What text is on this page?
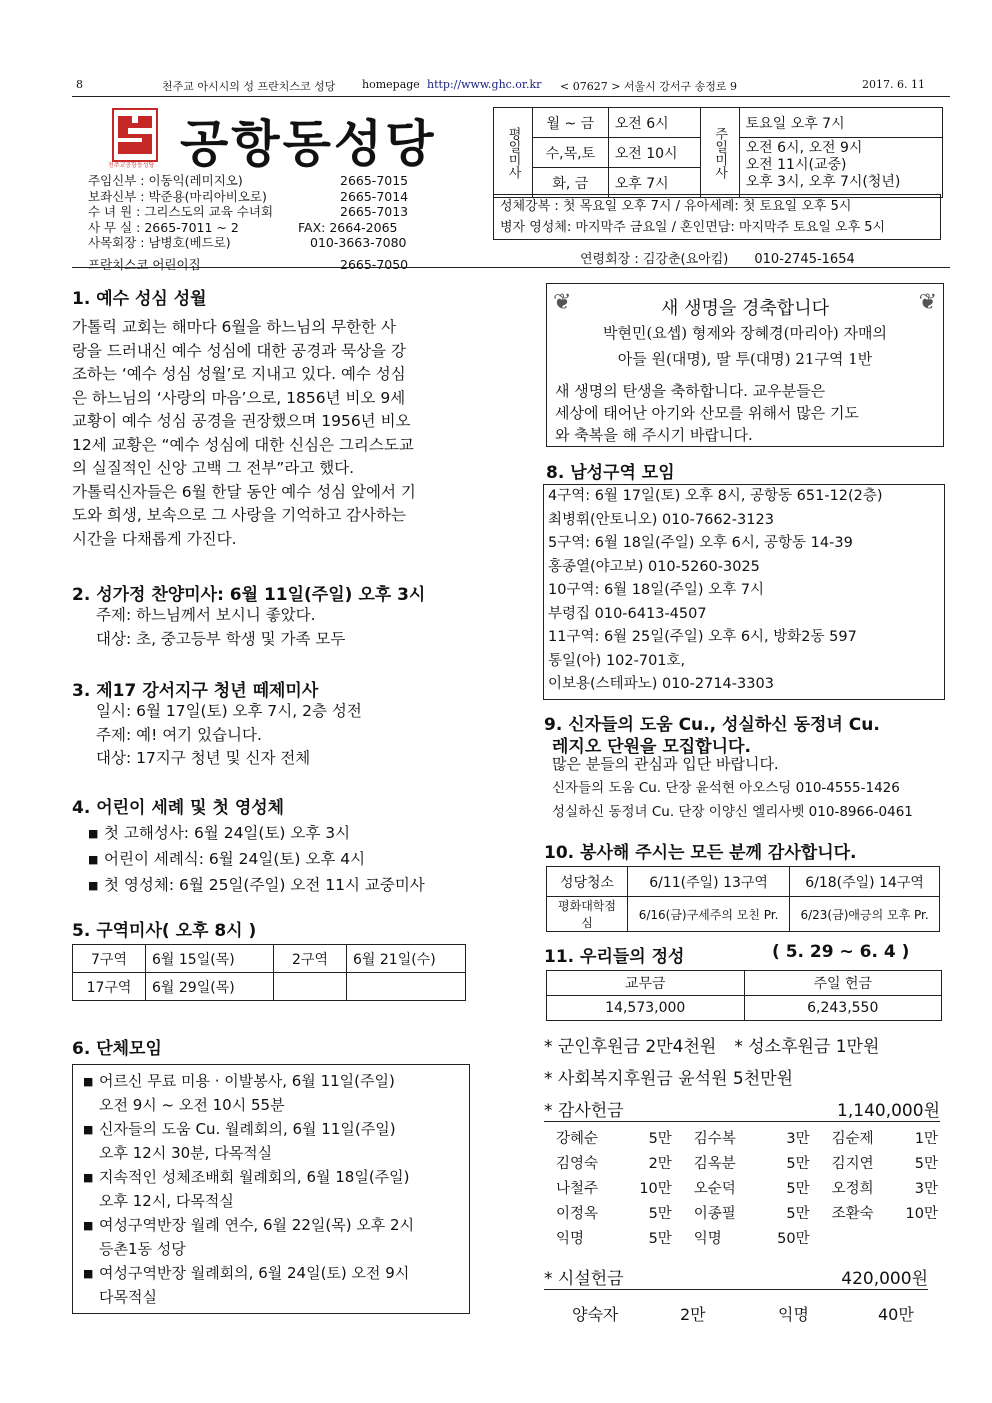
8	천주교 아시시의 성 프란치스코 성당 homepage http://www.ghc.or.kr < 07627 > 서울시 강서구 송정로 9	2017. 6. 11
천주교공항동성당 공항동성당
주임신부 : 이동익(레미지오)	2665-7015
보좌신부 : 박준용(마리아비오로)	2665-7014
수 녀 원 : 그리스도의 교육 수녀회	2665-7013
사 무 실 : 2665-7011 ~ 2	FAX: 2664-2065
사목회장 : 남병호(베드로)	010-3663-7080
프란치스코 어린이집	2665-7050
평일미사	월 ~ 금	오전 6시	주일미사	토요일 오후 7시
	수,목,토	오전 10시		오전 6시, 오전 9시
오전 11시(교중)
오후 3시, 오후 7시(청년)

	화, 금	오후 7시		
성체강복 : 첫 목요일 오후 7시 / 유아세례: 첫 토요일 오후 5시
병자 영성체: 마지막주 금요일 / 혼인면담: 마지막주 토요일 오후 5시
연령회장 : 김강춘(요아킴) 010-2745-1654
1. 예수 성심 성월
가톨릭 교회는 해마다 6월을 하느님의 무한한 사
랑을 드러내신 예수 성심에 대한 공경과 묵상을 강
조하는 ‘예수 성심 성월’로 지내고 있다. 예수 성심
은 하느님의 ‘사랑의 마음’으로, 1856년 비오 9세
교황이 예수 성심 공경을 권장했으며 1956년 비오
12세 교황은 “예수 성심에 대한 신심은 그리스도교
의 실질적인 신앙 고백 그 전부”라고 했다.
가톨릭신자들은 6월 한달 동안 예수 성심 앞에서 기
도와 희생, 보속으로 그 사랑을 기억하고 감사하는
시간을 다채롭게 가진다.
2. 성가정 찬양미사: 6월 11일(주일) 오후 3시
주제: 하느님께서 보시니 좋았다.
대상: 초, 중고등부 학생 및 가족 모두
3. 제17 강서지구 청년 떼제미사
일시: 6월 17일(토) 오후 7시, 2층 성전
주제: 예! 여기 있습니다.
대상: 17지구 청년 및 신자 전체
4. 어린이 세례 및 첫 영성체
■ 첫 고해성사: 6월 24일(토) 오후 3시
■ 어린이 세례식: 6월 24일(토) 오후 4시
■ 첫 영성체: 6월 25일(주일) 오전 11시 교중미사
5. 구역미사( 오후 8시 )
7구역	6월 15일(목)	2구역	6월 21일(수)
17구역	6월 29일(목)		
6. 단체모임
■ 어르신 무료 미용 · 이발봉사, 6월 11일(주일)
오전 9시 ~ 오전 10시 55분
■ 신자들의 도움 Cu. 월례회의, 6월 11일(주일)
오후 12시 30분, 다목적실
■ 지속적인 성체조배회 월례회의, 6월 18일(주일)
오후 12시, 다목적실
■ 여성구역반장 월례 연수, 6월 22일(목) 오후 2시
등촌1동 성당
■ 여성구역반장 월례회의, 6월 24일(토) 오전 9시
다목적실
❦	❦
새 생명을 경축합니다
박현민(요셉) 형제와 장혜경(마리아) 자매의
아들 원(대명), 딸 투(대명) 21구역 1반
새 생명의 탄생을 축하합니다. 교우분들은
세상에 태어난 아기와 산모를 위해서 많은 기도
와 축복을 해 주시기 바랍니다.
8. 남성구역 모임
4구역: 6월 17일(토) 오후 8시, 공항동 651-12(2층)
최병휘(안토니오) 010-7662-3123
5구역: 6월 18일(주일) 오후 6시, 공항동 14-39
홍종열(야고보) 010-5260-3025
10구역: 6월 18일(주일) 오후 7시
부령집 010-6413-4507
11구역: 6월 25일(주일) 오후 6시, 방화2동 597
통일(아) 102-701호,
이보용(스테파노) 010-2714-3303
9. 신자들의 도움 Cu., 성실하신 동정녀 Cu.
레지오 단원을 모집합니다.
많은 분들의 관심과 입단 바랍니다.
신자들의 도움 Cu. 단장 윤석현 아오스딩 010-4555-1426
성실하신 동정녀 Cu. 단장 이양신 엘리사벳 010-8966-0461
10. 봉사해 주시는 모든 분께 감사합니다.
성당청소	6/11(주일) 13구역	6/18(주일) 14구역
평화대학점심	6/16(금)구세주의 모친 Pr.	6/23(금)애긍의 모후 Pr.
11. 우리들의 정성	( 5. 29 ~ 6. 4 )
교무금	주일 헌금
14,573,000	6,243,550
* 군인후원금 2만4천원 * 성소후원금 1만원
* 사회복지후원금 윤석원 5천만원
* 감사헌금	1,140,000원
강혜순	5만	김수복	3만	김순제	1만
김영숙	2만	김옥분	5만	김지연	5만
나철주	10만	오순덕	5만	오정희	3만
이정옥	5만	이종필	5만	조환숙	10만
익명	5만	익명	50만		
* 시설헌금	420,000원
양숙자	2만	익명	40만
